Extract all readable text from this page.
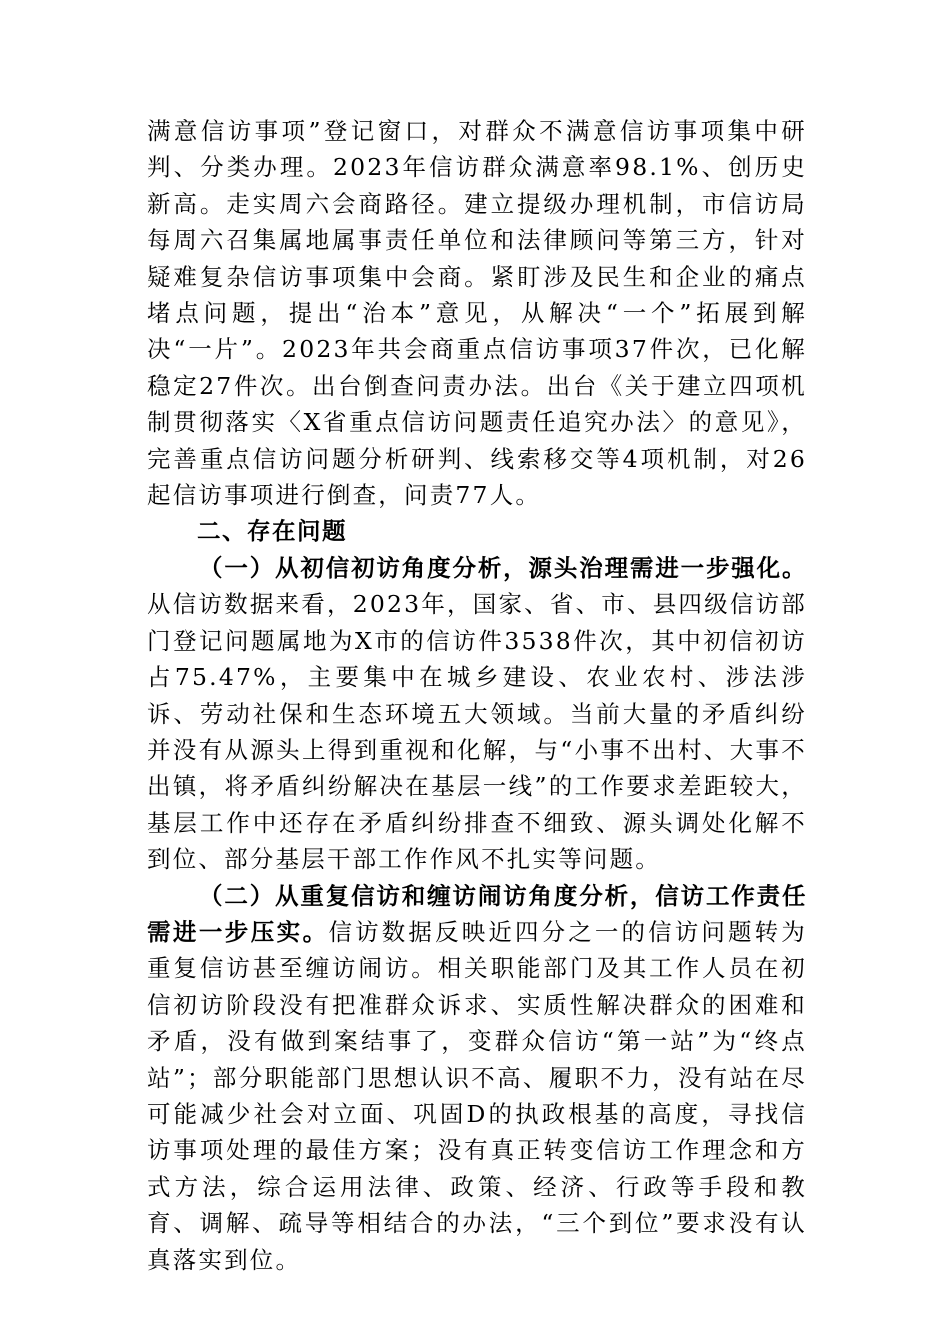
满意信访事项”登记窗口，对群众不满意信访事项集中研判、分类办理。2023年信访群众满意率98.1%、创历史新高。走实周六会商路径。建立提级办理机制，市信访局每周六召集属地属事责任单位和法律顾问等第三方，针对疑难复杂信访事项集中会商。紧盯涉及民生和企业的痛点堵点问题，提出“治本”意见，从解决“一个”拓展到解决“一片”。2023年共会商重点信访事项37件次，已化解稳定27件次。出台倒查问责办法。出台《关于建立四项机制贯彻落实〈X省重点信访问题责任追究办法〉的意见》，完善重点信访问题分析研判、线索移交等4项机制，对26起信访事项进行倒查，问责77人。

二、存在问题

（一）从初信初访角度分析，源头治理需进一步强化。从信访数据来看，2023年，国家、省、市、县四级信访部门登记问题属地为X市的信访件3538件次，其中初信初访占75.47%，主要集中在城乡建设、农业农村、涉法涉诉、劳动社保和生态环境五大领域。当前大量的矛盾纠纷并没有从源头上得到重视和化解，与“小事不出村、大事不出镇，将矛盾纠纷解决在基层一线”的工作要求差距较大，基层工作中还存在矛盾纠纷排查不细致、源头调处化解不到位、部分基层干部工作作风不扎实等问题。

（二）从重复信访和缠访闹访角度分析，信访工作责任需进一步压实。信访数据反映近四分之一的信访问题转为重复信访甚至缠访闹访。相关职能部门及其工作人员在初信初访阶段没有把准群众诉求、实质性解决群众的困难和矛盾，没有做到案结事了，变群众信访“第一站”为“终点站”；部分职能部门思想认识不高、履职不力，没有站在尽可能减少社会对立面、巩固D的执政根基的高度，寻找信访事项处理的最佳方案；没有真正转变信访工作理念和方式方法，综合运用法律、政策、经济、行政等手段和教育、调解、疏导等相结合的办法，“三个到位”要求没有认真落实到位。
